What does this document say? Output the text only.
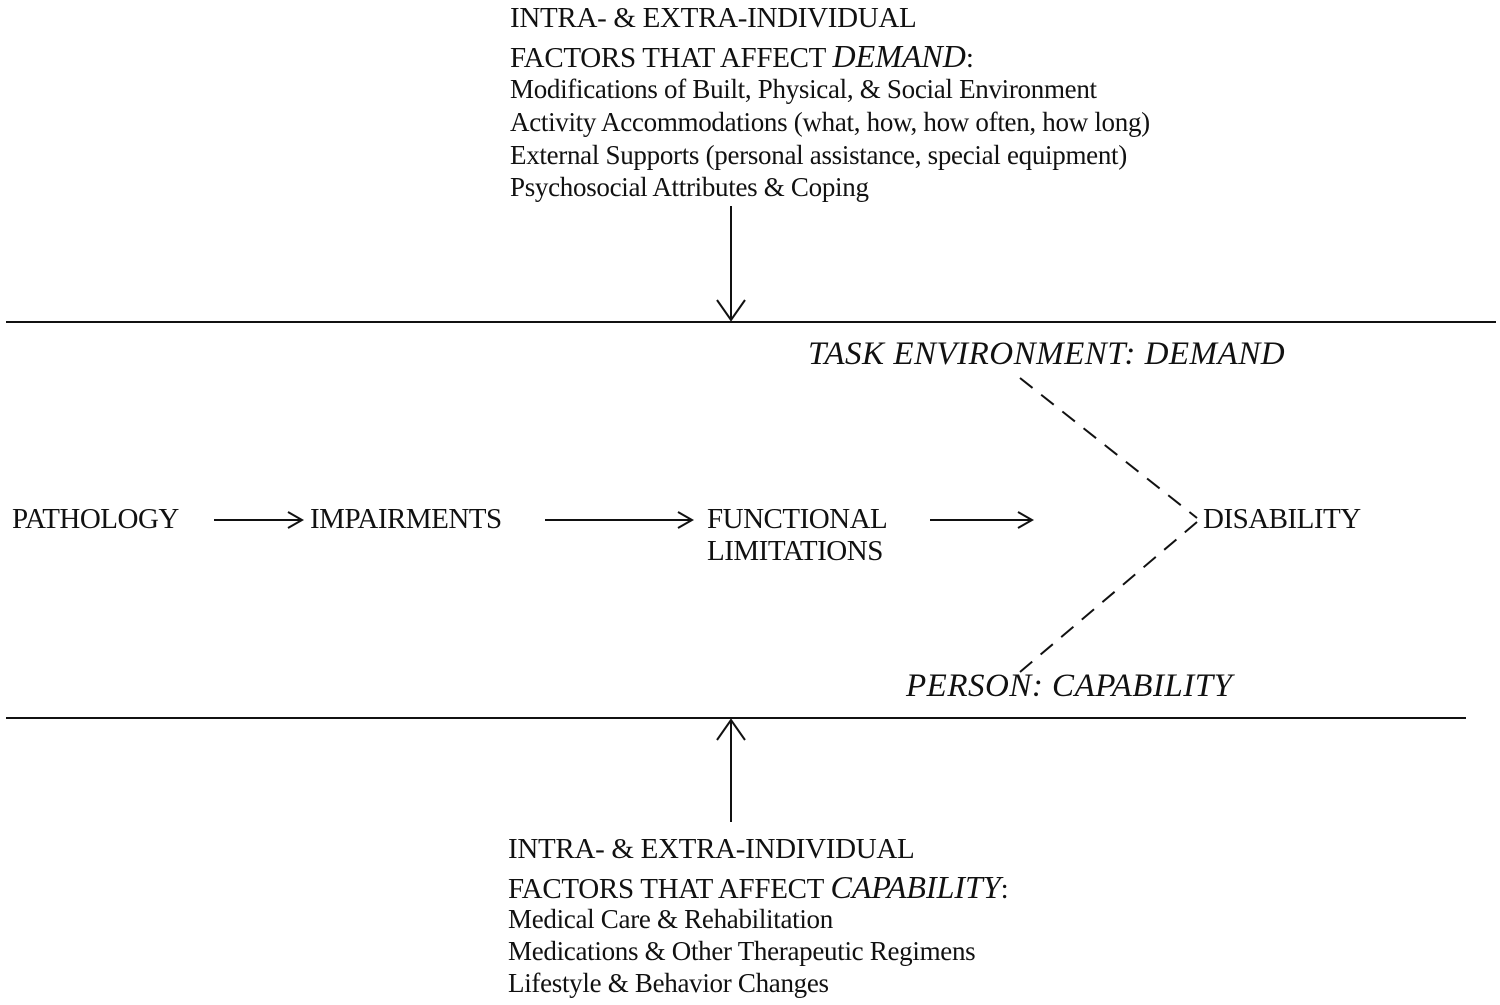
INTRA- & EXTRA-INDIVIDUAL
FACTORS THAT AFFECT DEMAND:
Modifications of Built, Physical, & Social Environment
Activity Accommodations (what, how, how often, how long)
External Supports (personal assistance, special equipment)
Psychosocial Attributes & Coping
TASK ENVIRONMENT: DEMAND
PATHOLOGY	IMPAIRMENTS	FUNCTIONAL
LIMITATIONS
DISABILITY
PERSON: CAPABILITY
INTRA- & EXTRA-INDIVIDUAL
FACTORS THAT AFFECT CAPABILITY:
Medical Care & Rehabilitation
Medications & Other Therapeutic Regimens
Lifestyle & Behavior Changes
